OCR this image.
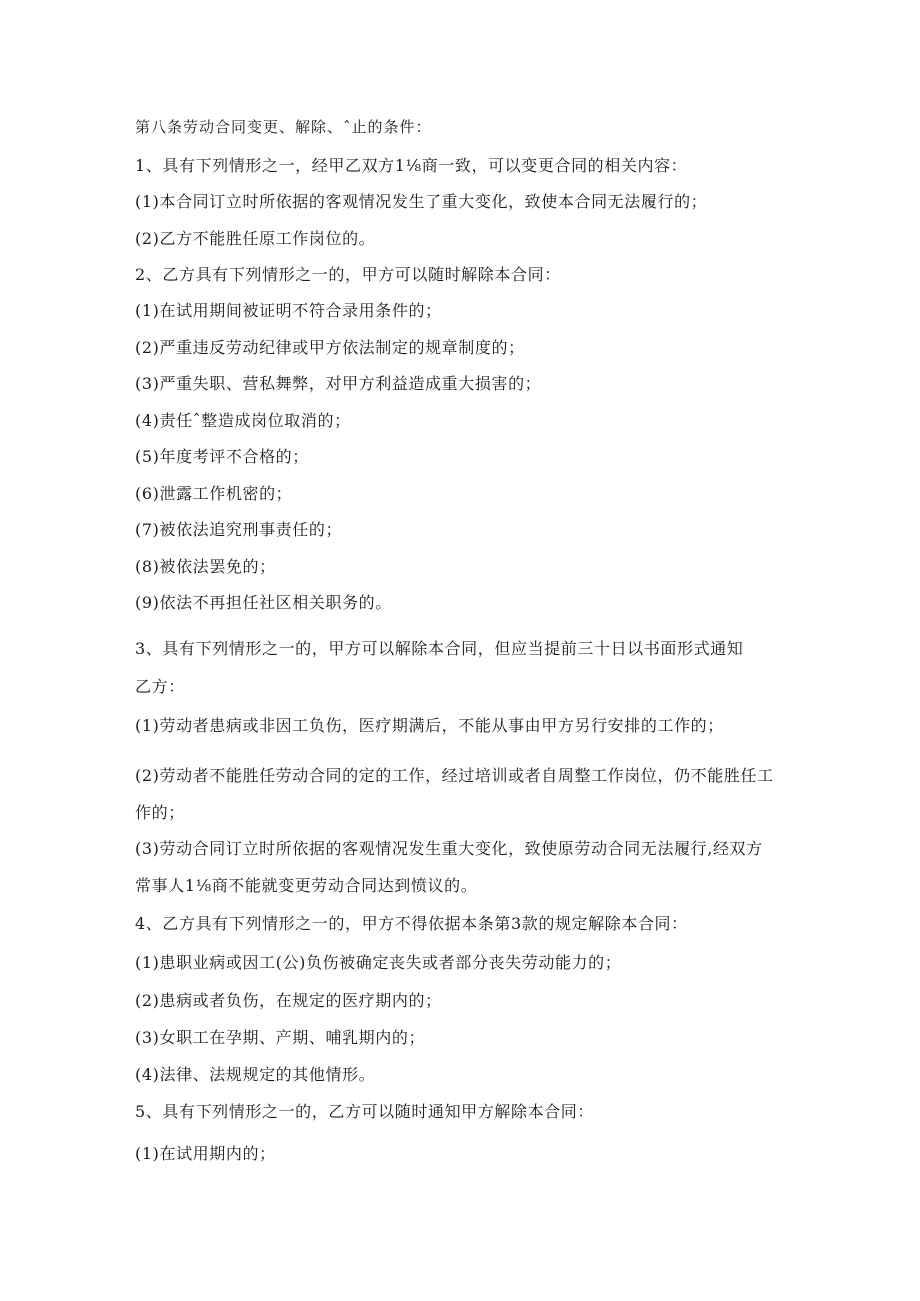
第八条劳动合同变更、解除、ˆ止的条件：
1、具有下列情形之一，经甲乙双方1⅛商一致，可以变更合同的相关内容：
(1)本合同订立时所依据的客观情况发生了重大变化，致使本合同无法履行的；
(2)乙方不能胜任原工作岗位的。
2、乙方具有下列情形之一的，甲方可以随时解除本合同：
(1)在试用期间被证明不符合录用条件的；
(2)严重违反劳动纪律或甲方依法制定的规章制度的；
(3)严重失职、营私舞弊，对甲方利益造成重大损害的；
(4)责任ˆ整造成岗位取消的；
(5)年度考评不合格的；
(6)泄露工作机密的；
(7)被依法追究刑事责任的；
(8)被依法罢免的；
(9)依法不再担任社区相关职务的。
3、具有下列情形之一的，甲方可以解除本合同，但应当提前三十日以书面形式通知
乙方：
(1)劳动者患病或非因工负伤，医疗期满后，不能从事由甲方另行安排的工作的；
(2)劳动者不能胜任劳动合同的定的工作，经过培训或者自周整工作岗位，仍不能胜任工
作的；
(3)劳动合同订立时所依据的客观情况发生重大变化，致使原劳动合同无法履行,经双方
常事人1⅛商不能就变更劳动合同达到愤议的。
4、乙方具有下列情形之一的，甲方不得依据本条第3款的规定解除本合同：
(1)患职业病或因工(公)负伤被确定丧失或者部分丧失劳动能力的；
(2)患病或者负伤，在规定的医疗期内的；
(3)女职工在孕期、产期、哺乳期内的；
(4)法律、法规规定的其他情形。
5、具有下列情形之一的，乙方可以随时通知甲方解除本合同：
(1)在试用期内的；
